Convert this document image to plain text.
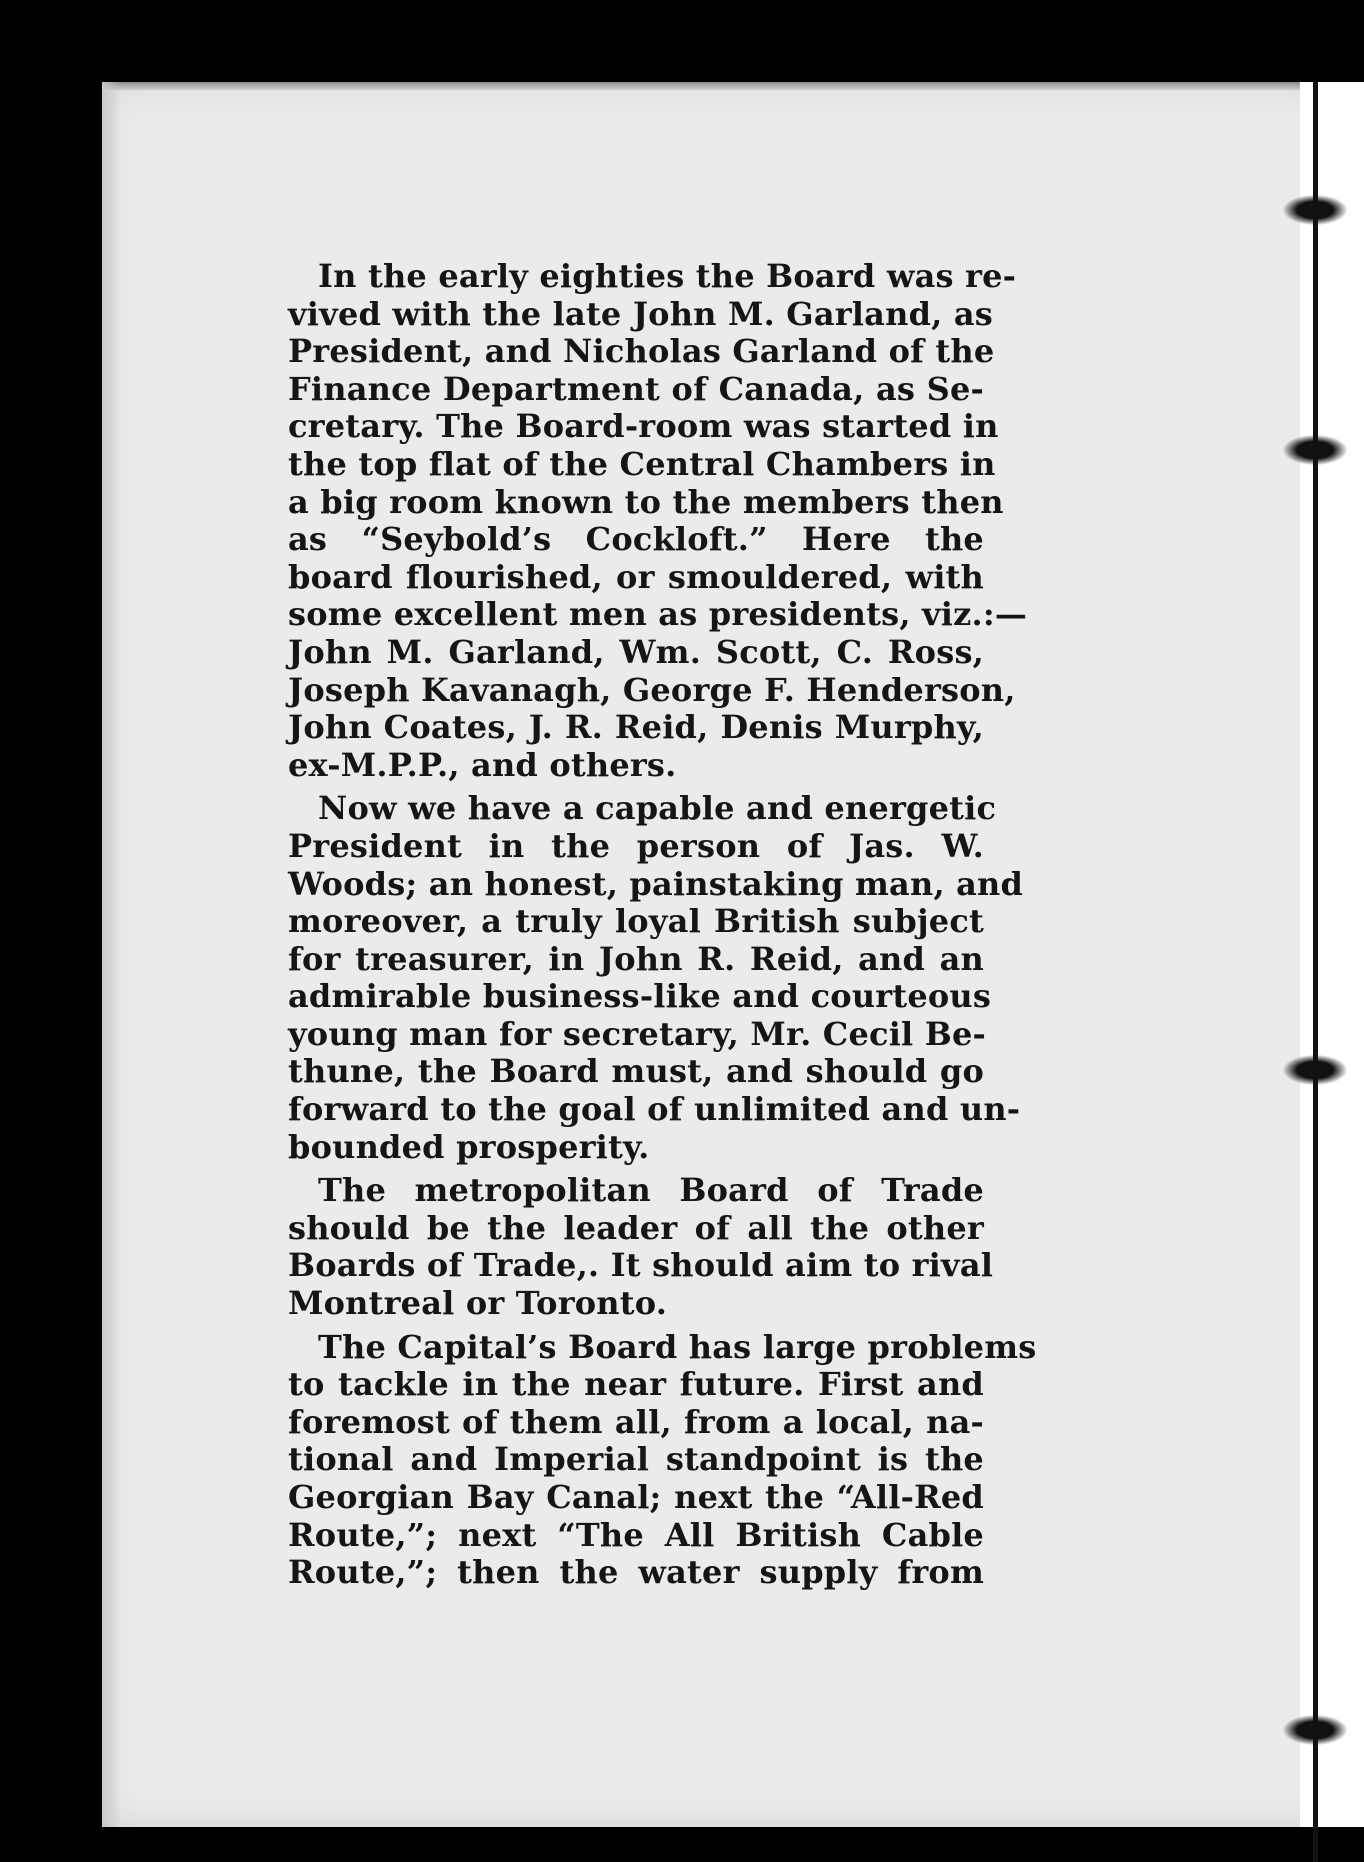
In the early eighties the Board was re-
vived with the late John M. Garland, as
President, and Nicholas Garland of the
Finance Department of Canada, as Se-
cretary. The Board-room was started in
the top flat of the Central Chambers in
a big room known to the members then
as “Seybold’s Cockloft.” Here the
board flourished, or smouldered, with
some excellent men as presidents, viz.:—
John M. Garland, Wm. Scott, C. Ross,
Joseph Kavanagh, George F. Henderson,
John Coates, J. R. Reid, Denis Murphy,
ex-M.P.P., and others.

Now we have a capable and energetic
President in the person of Jas. W.
Woods; an honest, painstaking man, and
moreover, a truly loyal British subject
for treasurer, in John R. Reid, and an
admirable business-like and courteous
young man for secretary, Mr. Cecil Be-
thune, the Board must, and should go
forward to the goal of unlimited and un-
bounded prosperity.

The metropolitan Board of Trade
should be the leader of all the other
Boards of Trade,. It should aim to rival
Montreal or Toronto.

The Capital’s Board has large problems
to tackle in the near future. First and
foremost of them all, from a local, na-
tional and Imperial standpoint is the
Georgian Bay Canal; next the “All-Red
Route,”; next “The All British Cable
Route,”; then the water supply from
